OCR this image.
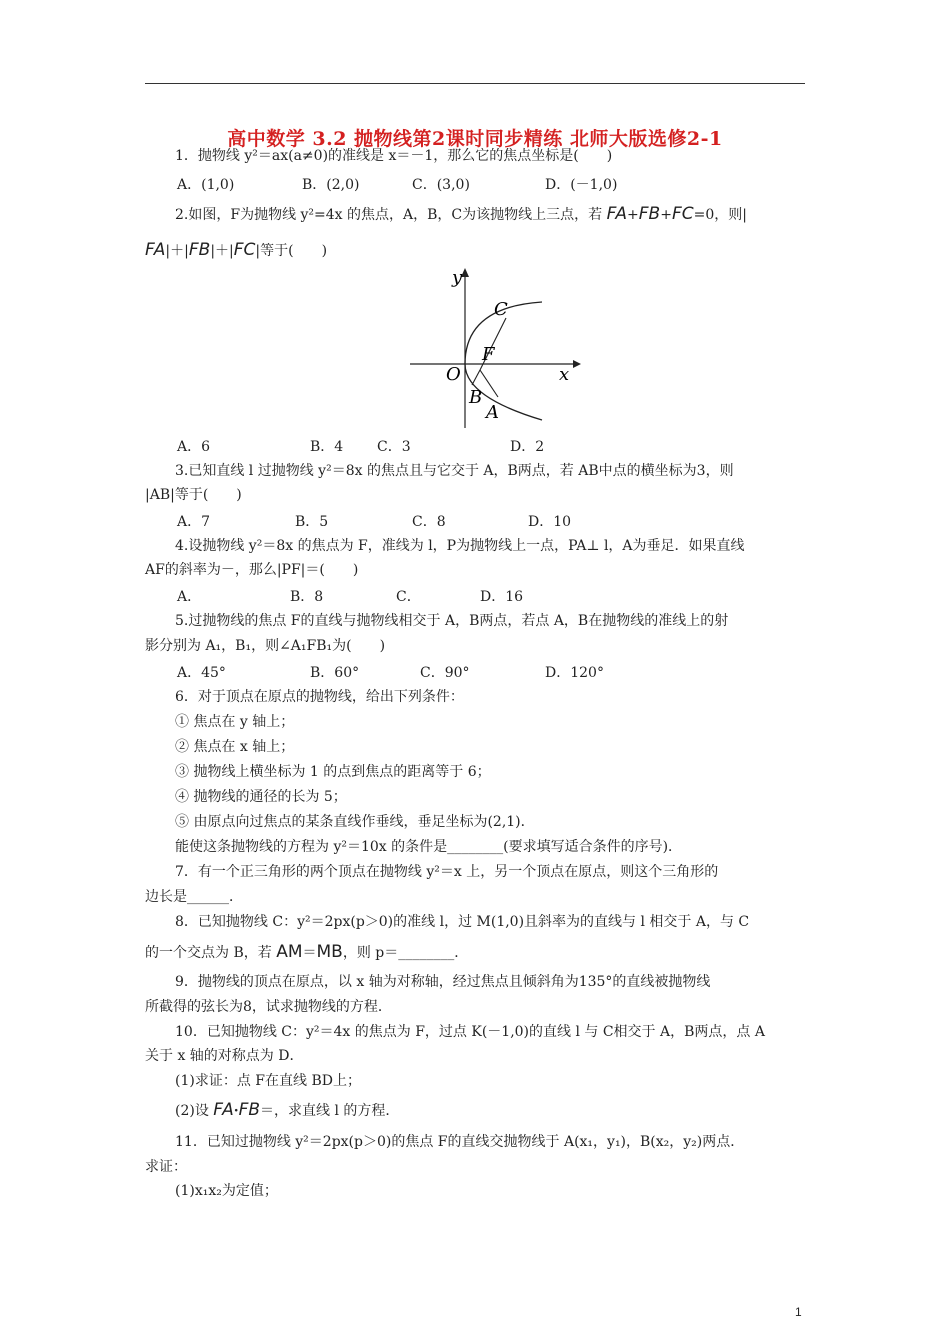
高中数学 3.2 抛物线第2课时同步精练 北师大版选修2-1
1．抛物线 y²＝ax(a≠0)的准线是 x＝－1，那么它的焦点坐标是(　　)
A．(1,0)	B．(2,0)	C．(3,0)	D．(－1,0)
2.如图，F为抛物线 y²=4x 的焦点，A，B，C为该抛物线上三点，若 FA+FB+FC=0，则|
FA|＋|FB|＋|FC|等于(　　)
y
x
O
F
C
B
A
A．6	B．4 C．3	D．2
3.已知直线 l 过抛物线 y²＝8x 的焦点且与它交于 A，B两点，若 AB中点的横坐标为3，则
|AB|等于(　　)
A．7	B．5	C．8	D．10
4.设抛物线 y²＝8x 的焦点为 F，准线为 l，P为抛物线上一点，PA⊥ l，A为垂足．如果直线
AF的斜率为－，那么|PF|＝(　　)
A．	B．8	C．	D．16
5.过抛物线的焦点 F的直线与抛物线相交于 A，B两点，若点 A，B在抛物线的准线上的射
影分别为 A₁，B₁，则∠A₁FB₁为(　　)
A．45°	B．60°	C．90°	D．120°
6．对于顶点在原点的抛物线，给出下列条件：
① 焦点在 y 轴上；
② 焦点在 x 轴上；
③ 抛物线上横坐标为 1 的点到焦点的距离等于 6；
④ 抛物线的通径的长为 5；
⑤ 由原点向过焦点的某条直线作垂线，垂足坐标为(2,1)．
能使这条抛物线的方程为 y²＝10x 的条件是________(要求填写适合条件的序号)．
7．有一个正三角形的两个顶点在抛物线 y²＝x 上，另一个顶点在原点，则这个三角形的
边长是______．
8．已知抛物线 C：y²＝2px(p＞0)的准线 l，过 M(1,0)且斜率为的直线与 l 相交于 A，与 C
的一个交点为 B，若 AM＝MB，则 p＝________．
9．抛物线的顶点在原点，以 x 轴为对称轴，经过焦点且倾斜角为135°的直线被抛物线
所截得的弦长为8，试求抛物线的方程．
10．已知抛物线 C：y²＝4x 的焦点为 F，过点 K(－1,0)的直线 l 与 C相交于 A，B两点，点 A
关于 x 轴的对称点为 D．
(1)求证：点 F在直线 BD上；
(2)设 FA·FB＝，求直线 l 的方程．
11．已知过抛物线 y²＝2px(p＞0)的焦点 F的直线交抛物线于 A(x₁，y₁)，B(x₂，y₂)两点．
求证：
(1)x₁x₂为定值；
1
